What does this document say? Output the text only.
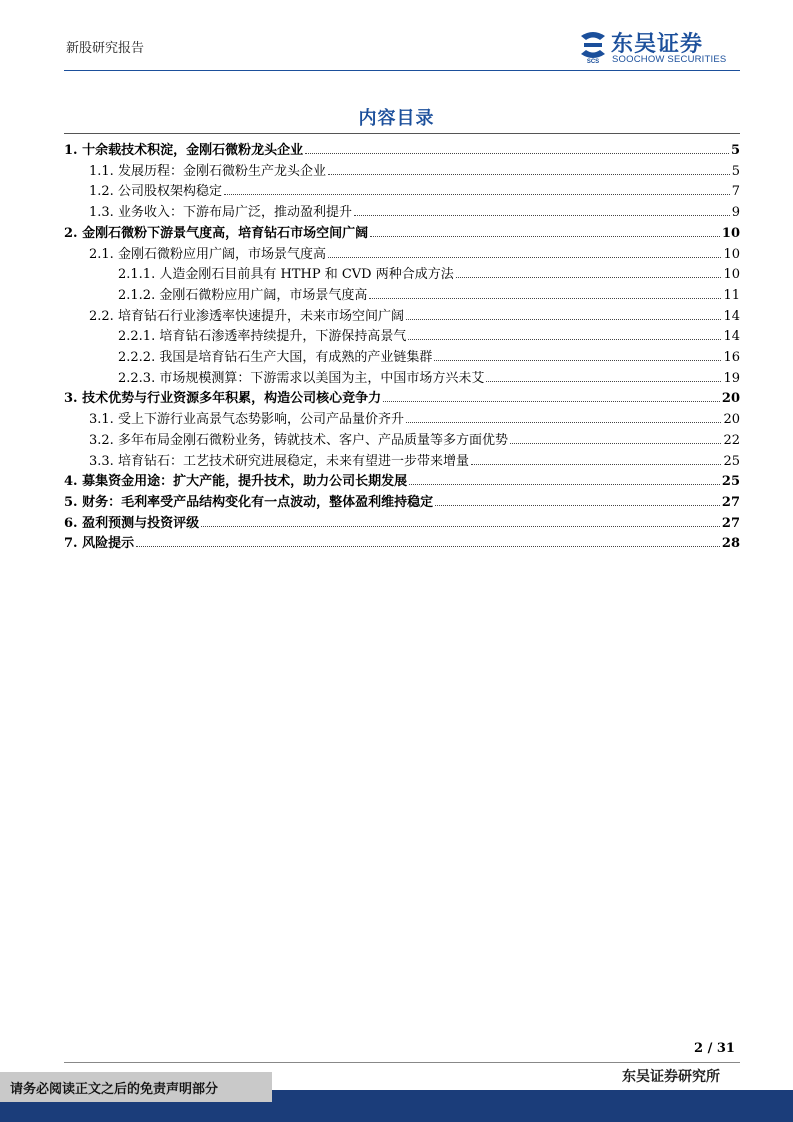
新股研究报告
SCS
东吴证券
SOOCHOW SECURITIES
内容目录
1. 十余载技术积淀，金刚石微粉龙头企业	5
1.1. 发展历程：金刚石微粉生产龙头企业	5
1.2. 公司股权架构稳定	7
1.3. 业务收入：下游布局广泛，推动盈利提升	9
2. 金刚石微粉下游景气度高，培育钻石市场空间广阔	10
2.1. 金刚石微粉应用广阔，市场景气度高	10
2.1.1. 人造金刚石目前具有 HTHP 和 CVD 两种合成方法	10
2.1.2. 金刚石微粉应用广阔，市场景气度高	11
2.2. 培育钻石行业渗透率快速提升，未来市场空间广阔	14
2.2.1. 培育钻石渗透率持续提升，下游保持高景气	14
2.2.2. 我国是培育钻石生产大国，有成熟的产业链集群	16
2.2.3. 市场规模测算：下游需求以美国为主，中国市场方兴未艾	19
3. 技术优势与行业资源多年积累，构造公司核心竞争力	20
3.1. 受上下游行业高景气态势影响，公司产品量价齐升	20
3.2. 多年布局金刚石微粉业务，铸就技术、客户、产品质量等多方面优势	22
3.3. 培育钻石：工艺技术研究进展稳定，未来有望进一步带来增量	25
4. 募集资金用途：扩大产能，提升技术，助力公司长期发展	25
5. 财务：毛利率受产品结构变化有一点波动，整体盈利维持稳定	27
6. 盈利预测与投资评级	27
7. 风险提示	28
2 / 31
东吴证券研究所
请务必阅读正文之后的免责声明部分
